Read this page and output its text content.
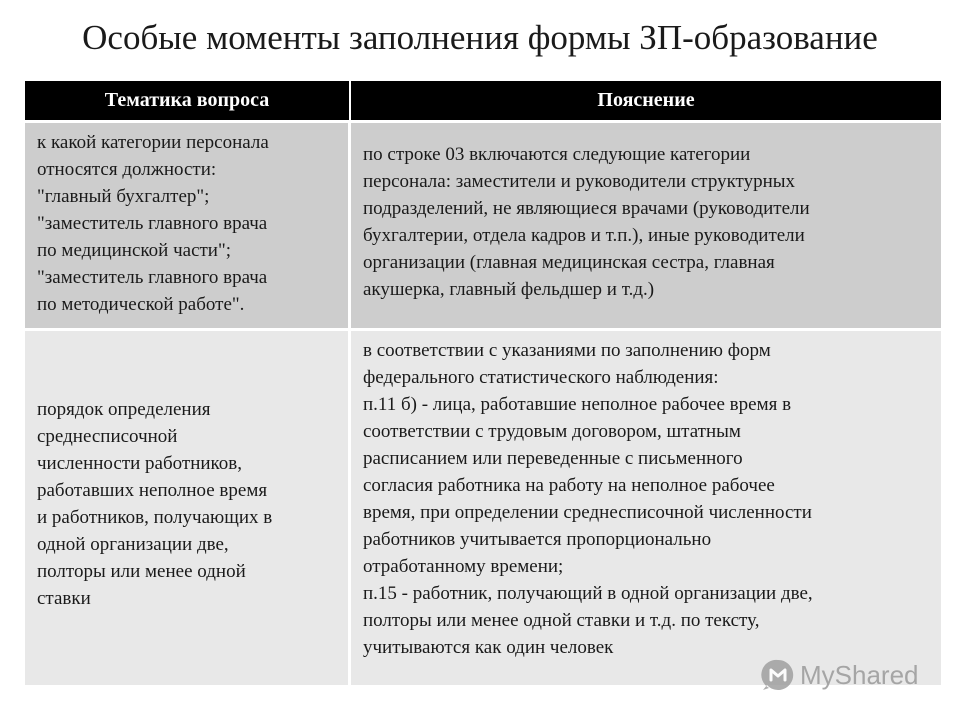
Особые моменты заполнения формы ЗП-образование
Тематика вопроса	Пояснение
к какой категории персонала
относятся должности:
"главный бухгалтер";
"заместитель главного врача
по медицинской части";
"заместитель главного врача
по методической работе".
по строке 03 включаются следующие категории
персонала: заместители и руководители структурных
подразделений, не являющиеся врачами (руководители
бухгалтерии, отдела кадров и т.п.), иные руководители
организации (главная медицинская сестра, главная
акушерка, главный фельдшер и т.д.)
порядок определения
среднесписочной
численности работников,
работавших неполное время
и работников, получающих в
одной организации две,
полторы или менее одной
ставки
в соответствии с указаниями по заполнению форм
федерального статистического наблюдения:
п.11 б) - лица, работавшие неполное рабочее время в
соответствии с трудовым договором, штатным
расписанием или переведенные с письменного
согласия работника на работу на неполное рабочее
время, при определении среднесписочной численности
работников учитывается пропорционально
отработанному времени;
п.15 - работник, получающий в одной организации две,
полторы или менее одной ставки и т.д. по тексту,
учитываются как один человек
MyShared
